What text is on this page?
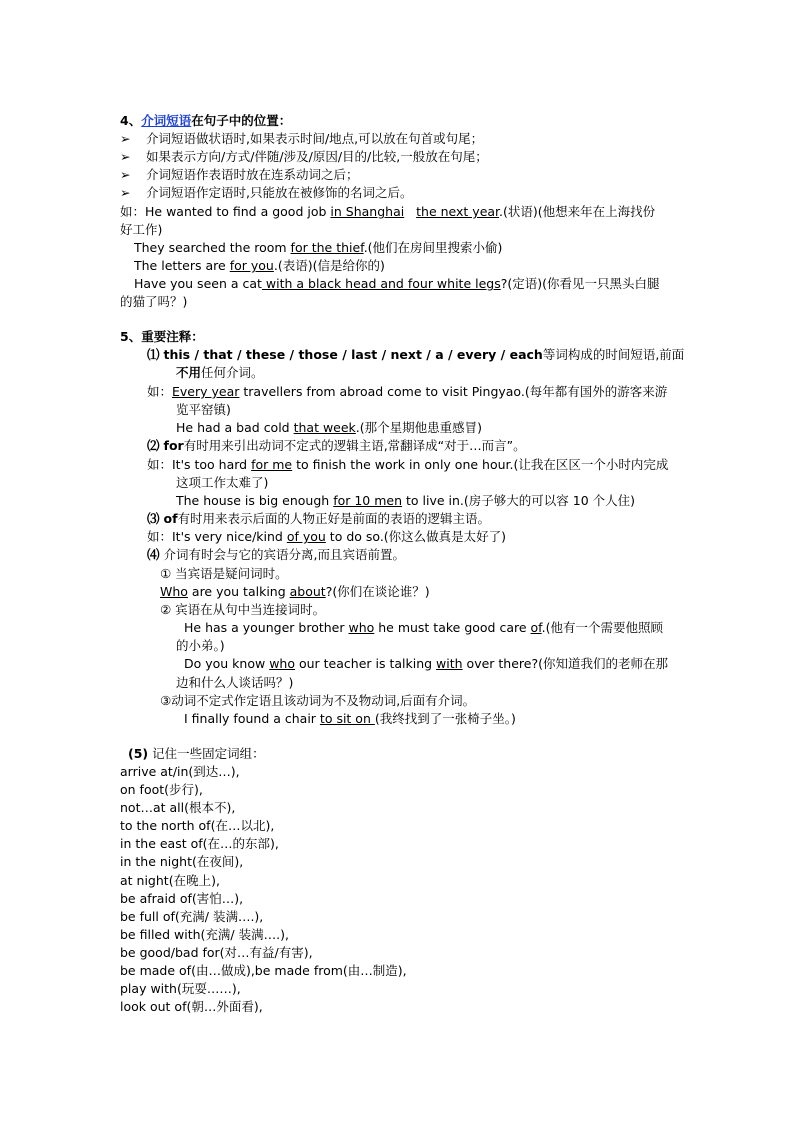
4、介词短语在句子中的位置：
➢ 介词短语做状语时,如果表示时间/地点,可以放在句首或句尾；
➢ 如果表示方向/方式/伴随/涉及/原因/目的/比较,一般放在句尾；
➢ 介词短语作表语时放在连系动词之后；
➢ 介词短语作定语时,只能放在被修饰的名词之后。
如：He wanted to find a good job in Shanghai the next year.(状语)(他想来年在上海找份
好工作)
They searched the room for the thief.(他们在房间里搜索小偷)
The letters are for you.(表语)(信是给你的)
Have you seen a cat with a black head and four white legs?(定语)(你看见一只黑头白腿
的猫了吗？)
5、重要注释：
⑴ this / that / these / those / last / next / a / every / each等词构成的时间短语,前面
不用任何介词。
如：Every year travellers from abroad come to visit Pingyao.(每年都有国外的游客来游
览平窑镇)
He had a bad cold that week.(那个星期他患重感冒)
⑵ for有时用来引出动词不定式的逻辑主语,常翻译成“对于…而言”。
如：It's too hard for me to finish the work in only one hour.(让我在区区一个小时内完成
这项工作太难了)
The house is big enough for 10 men to live in.(房子够大的可以容 10 个人住)
⑶ of有时用来表示后面的人物正好是前面的表语的逻辑主语。
如：It's very nice/kind of you to do so.(你这么做真是太好了)
⑷ 介词有时会与它的宾语分离,而且宾语前置。
① 当宾语是疑问词时。
Who are you talking about?(你们在谈论谁？)
② 宾语在从句中当连接词时。
He has a younger brother who he must take good care of.(他有一个需要他照顾
的小弟。)
Do you know who our teacher is talking with over there?(你知道我们的老师在那
边和什么人谈话吗？)
③动词不定式作定语且该动词为不及物动词,后面有介词。
I finally found a chair to sit on (我终找到了一张椅子坐。)
(5) 记住一些固定词组：
arrive at/in(到达…),
on foot(步行),
not…at all(根本不),
to the north of(在…以北),
in the east of(在…的东部),
in the night(在夜间),
at night(在晚上),
be afraid of(害怕…),
be full of(充满/ 装满….),
be filled with(充满/ 装满….),
be good/bad for(对…有益/有害),
be made of(由…做成),be made from(由…制造),
play with(玩耍……),
look out of(朝…外面看),
